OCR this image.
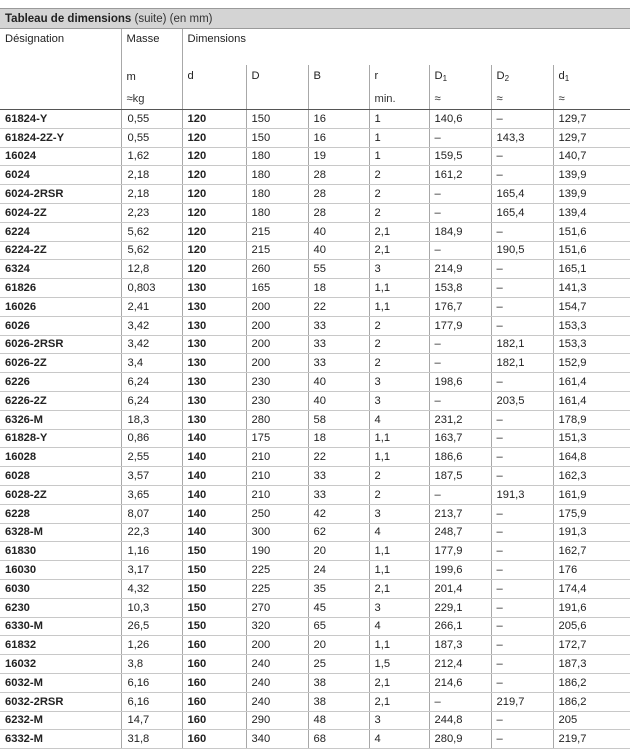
Tableau de dimensions (suite) (en mm)
Désignation	Masse	Dimensions						
	m	d	D	B	r	$D_1$	$D_2$	$d_1$
	≈kg				min.	≈	≈	≈
61824-Y	0,55	120	150	16	1	140,6	–	129,7
61824-2Z-Y	0,55	120	150	16	1	–	143,3	129,7
16024	1,62	120	180	19	1	159,5	–	140,7
6024	2,18	120	180	28	2	161,2	–	139,9
6024-2RSR	2,18	120	180	28	2	–	165,4	139,9
6024-2Z	2,23	120	180	28	2	–	165,4	139,4
6224	5,62	120	215	40	2,1	184,9	–	151,6
6224-2Z	5,62	120	215	40	2,1	–	190,5	151,6
6324	12,8	120	260	55	3	214,9	–	165,1
61826	0,803	130	165	18	1,1	153,8	–	141,3
16026	2,41	130	200	22	1,1	176,7	–	154,7
6026	3,42	130	200	33	2	177,9	–	153,3
6026-2RSR	3,42	130	200	33	2	–	182,1	153,3
6026-2Z	3,4	130	200	33	2	–	182,1	152,9
6226	6,24	130	230	40	3	198,6	–	161,4
6226-2Z	6,24	130	230	40	3	–	203,5	161,4
6326-M	18,3	130	280	58	4	231,2	–	178,9
61828-Y	0,86	140	175	18	1,1	163,7	–	151,3
16028	2,55	140	210	22	1,1	186,6	–	164,8
6028	3,57	140	210	33	2	187,5	–	162,3
6028-2Z	3,65	140	210	33	2	–	191,3	161,9
6228	8,07	140	250	42	3	213,7	–	175,9
6328-M	22,3	140	300	62	4	248,7	–	191,3
61830	1,16	150	190	20	1,1	177,9	–	162,7
16030	3,17	150	225	24	1,1	199,6	–	176
6030	4,32	150	225	35	2,1	201,4	–	174,4
6230	10,3	150	270	45	3	229,1	–	191,6
6330-M	26,5	150	320	65	4	266,1	–	205,6
61832	1,26	160	200	20	1,1	187,3	–	172,7
16032	3,8	160	240	25	1,5	212,4	–	187,3
6032-M	6,16	160	240	38	2,1	214,6	–	186,2
6032-2RSR	6,16	160	240	38	2,1	–	219,7	186,2
6232-M	14,7	160	290	48	3	244,8	–	205
6332-M	31,8	160	340	68	4	280,9	–	219,7
